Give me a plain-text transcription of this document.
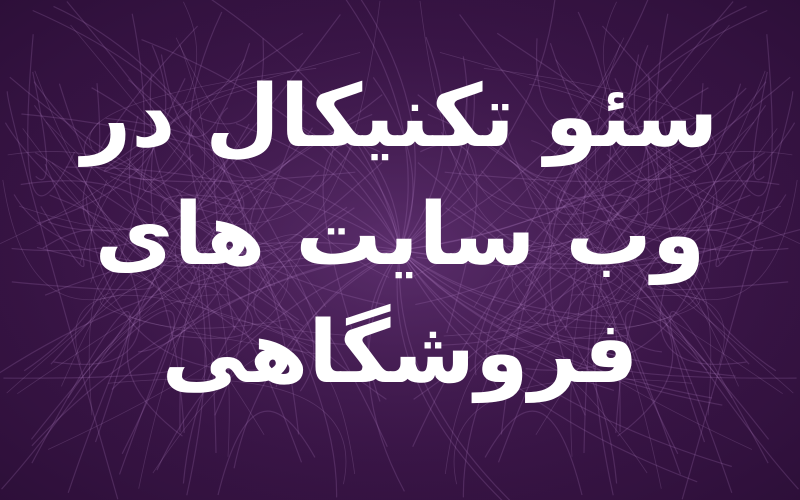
سئو تکنیکال در
وب سایت های
فروشگاهی
